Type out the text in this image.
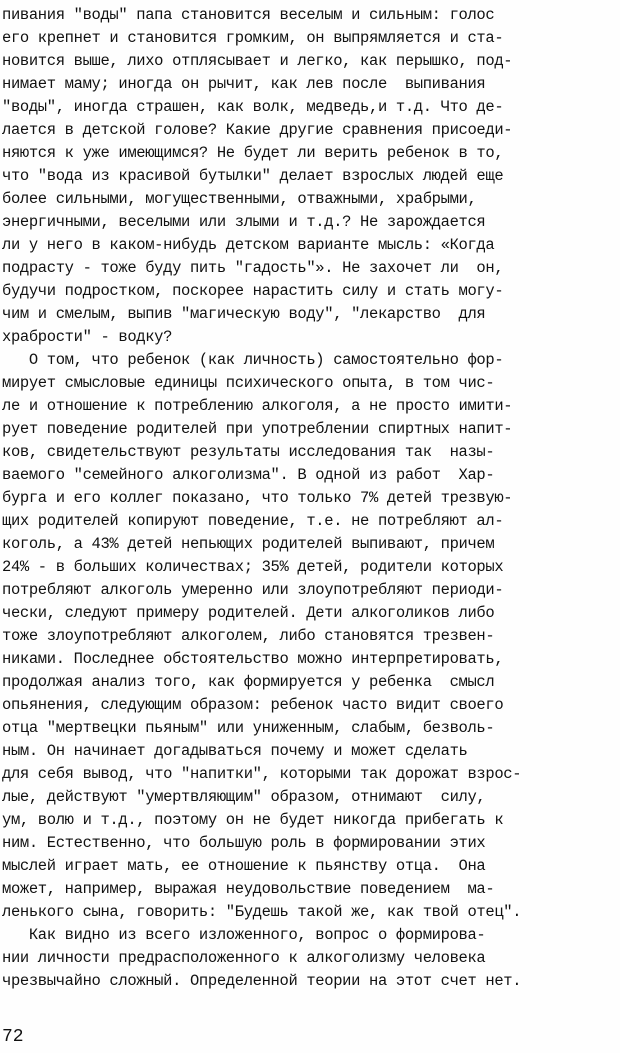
пивания "воды" папа становится веселым и сильным: голос
его крепнет и становится громким, он выпрямляется и ста-
новится выше, лихо отплясывает и легко, как перышко, под-
нимает маму; иногда он рычит, как лев после  выпивания
"воды", иногда страшен, как волк, медведь,и т.д. Что де-
лается в детской голове? Какие другие сравнения присоеди-
няются к уже имеющимся? Не будет ли верить ребенок в то,
что "вода из красивой бутылки" делает взрослых людей еще
более сильными, могущественными, отважными, храбрыми,
энергичными, веселыми или злыми и т.д.? Не зарождается
ли у него в каком-нибудь детском варианте мысль: «Когда
подрасту - тоже буду пить "гадость"». Не захочет ли  он,
будучи подростком, поскорее нарастить силу и стать могу-
чим и смелым, выпив "магическую воду", "лекарство  для
храбрости" - водку?
О том, что ребенок (как личность) самостоятельно фор-
мирует смысловые единицы психического опыта, в том чис-
ле и отношение к потреблению алкоголя, а не просто имити-
рует поведение родителей при употреблении спиртных напит-
ков, свидетельствуют результаты исследования так  назы-
ваемого "семейного алкоголизма". В одной из работ  Хар-
бурга и его коллег показано, что только 7% детей трезвую-
щих родителей копируют поведение, т.е. не потребляют ал-
коголь, а 43% детей непьющих родителей выпивают, причем
24% - в больших количествах; 35% детей, родители которых
потребляют алкоголь умеренно или злоупотребляют периоди-
чески, следуют примеру родителей. Дети алкоголиков либо
тоже злоупотребляют алкоголем, либо становятся трезвен-
никами. Последнее обстоятельство можно интерпретировать,
продолжая анализ того, как формируется у ребенка  смысл
опьянения, следующим образом: ребенок часто видит своего
отца "мертвецки пьяным" или униженным, слабым, безволь-
ным. Он начинает догадываться почему и может сделать
для себя вывод, что "напитки", которыми так дорожат взрос-
лые, действуют "умертвляющим" образом, отнимают  силу,
ум, волю и т.д., поэтому он не будет никогда прибегать к
ним. Естественно, что большую роль в формировании этих
мыслей играет мать, ее отношение к пьянству отца.  Она
может, например, выражая неудовольствие поведением  ма-
ленького сына, говорить: "Будешь такой же, как твой отец".
Как видно из всего изложенного, вопрос о формирова-
нии личности предрасположенного к алкоголизму человека
чрезвычайно сложный. Определенной теории на этот счет нет.
72
